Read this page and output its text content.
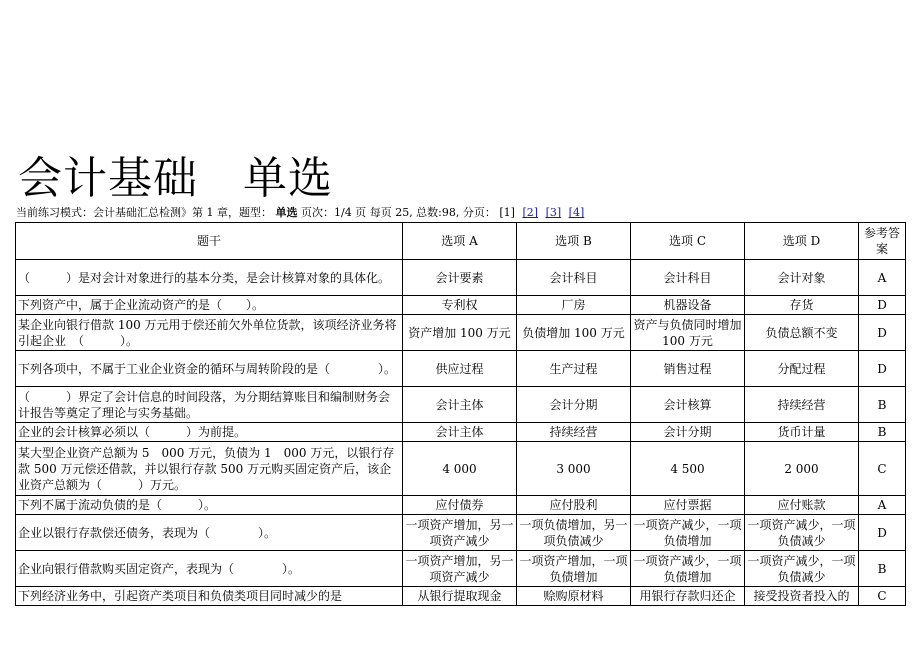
会计基础　单选
当前练习模式：会计基础汇总检测》第 1 章，题型： 单选 页次：1/4 页 每页 25, 总数:98, 分页： [1] [2] [3] [4]
题干	选项 A	选项 B	选项 C	选项 D	参考答案
（　　　）是对会计对象进行的基本分类，是会计核算对象的具体化。	会计要素	会计科目	会计科目	会计对象	A
下列资产中，属于企业流动资产的是（　　）。	专利权	厂房	机器设备	存货	D
某企业向银行借款 100 万元用于偿还前欠外单位货款，该项经济业务将引起企业　（　　　）。	资产增加 100 万元	负债增加 100 万元	资产与负债同时增加 100 万元	负债总额不变	D
下列各项中，不属于工业企业资金的循环与周转阶段的是（　　　　）。	供应过程	生产过程	销售过程	分配过程	D
（　　　）界定了会计信息的时间段落，为分期结算账目和编制财务会计报告等奠定了理论与实务基础。	会计主体	会计分期	会计核算	持续经营	B
企业的会计核算必须以（　　　）为前提。	会计主体	持续经营	会计分期	货币计量	B
某大型企业资产总额为 5　000 万元，负债为 1　000 万元，以银行存款 500 万元偿还借款，并以银行存款 500 万元购买固定资产后，该企业资产总额为（　　　）万元。	4 000	3 000	4 500	2 000	C
下列不属于流动负债的是（　　　）。	应付债券	应付股利	应付票据	应付账款	A
企业以银行存款偿还债务，表现为（　　　　）。	一项资产增加，另一项资产减少	一项负债增加，另一项负债减少	一项资产减少，一项负债增加	一项资产减少，一项负债减少	D
企业向银行借款购买固定资产，表现为（　　　　）。	一项资产增加，另一项资产减少	一项资产增加，一项负债增加	一项资产减少，一项负债增加	一项资产减少，一项负债减少	B
下列经济业务中，引起资产类项目和负债类项目同时减少的是	从银行提取现金	赊购原材料	用银行存款归还企	接受投资者投入的	C
